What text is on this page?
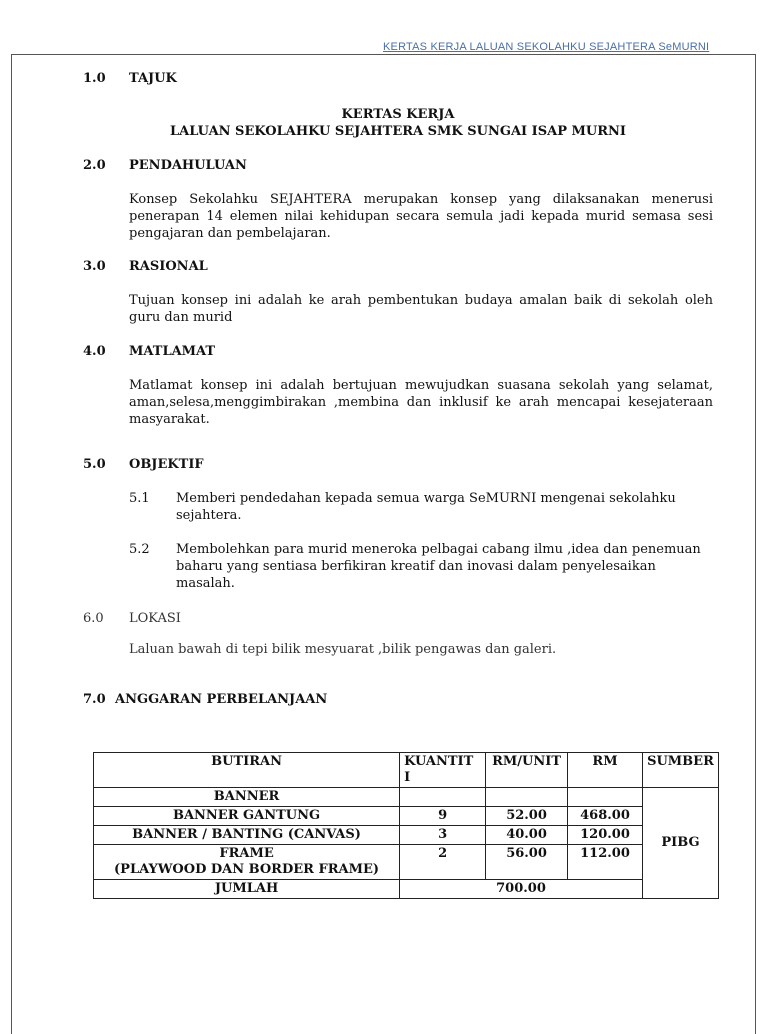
KERTAS KERJA LALUAN SEKOLAHKU SEJAHTERA SeMURNI
1.0	TAJUK

KERTAS KERJA

LALUAN SEKOLAHKU SEJAHTERA SMK SUNGAI ISAP MURNI

2.0	PENDAHULUAN

Konsep Sekolahku SEJAHTERA merupakan konsep yang dilaksanakan menerusi penerapan 14 elemen nilai kehidupan secara semula jadi kepada murid semasa sesi pengajaran dan pembelajaran.

3.0	RASIONAL

Tujuan konsep ini adalah ke arah pembentukan budaya amalan baik di sekolah oleh guru dan murid

4.0	MATLAMAT

Matlamat konsep ini adalah bertujuan mewujudkan suasana sekolah yang selamat, aman,selesa,menggimbirakan ,membina dan inklusif ke arah mencapai kesejateraan masyarakat.

5.0	OBJEKTIF
5.1	Memberi pendedahan kepada semua warga SeMURNI mengenai sekolahku sejahtera.
5.2	Membolehkan para murid meneroka pelbagai cabang ilmu ,idea dan penemuan baharu yang sentiasa berfikiran kreatif dan inovasi dalam penyelesaikan masalah.
6.0	LOKASI

Laluan bawah di tepi bilik mesyuarat ,bilik pengawas dan galeri.

7.0 ANGGARAN PERBELANJAAN
BUTIRAN	KUANTIT I	RM/UNIT	RM	SUMBER
BANNER				PIBG
BANNER GANTUNG	9	52.00	468.00	
BANNER / BANTING (CANVAS)	3	40.00	120.00	

FRAME
(PLAYWOOD DAN BORDER FRAME)	2	56.00	112.00	
JUMLAH	700.00			
